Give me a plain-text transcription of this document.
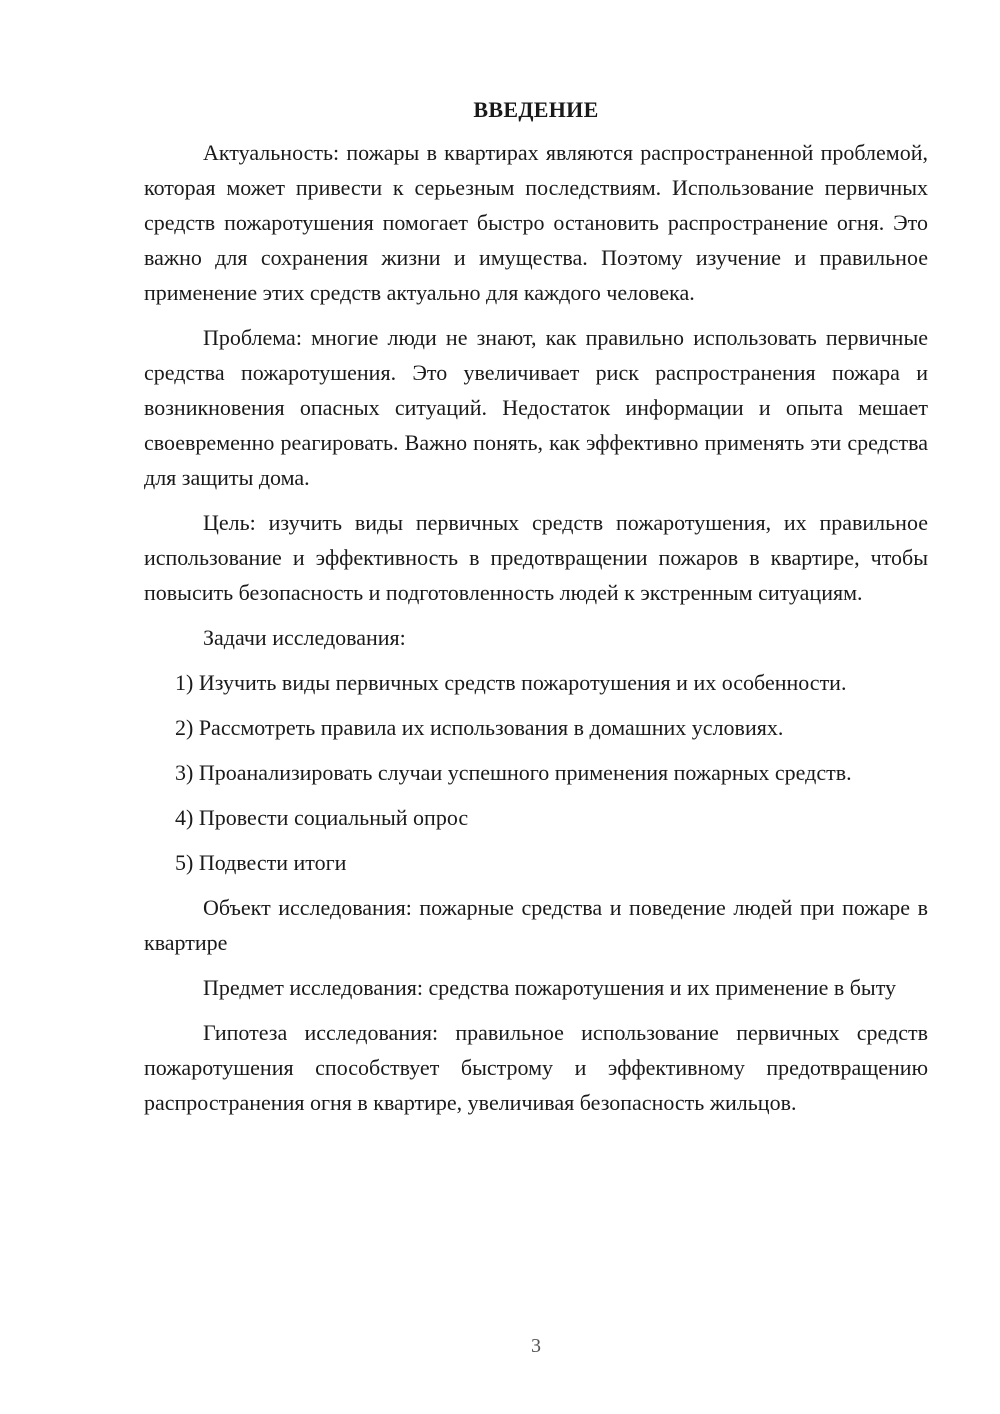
ВВЕДЕНИЕ

Актуальность: пожары в квартирах являются распространенной проблемой, которая может привести к серьезным последствиям. Использование первичных средств пожаротушения помогает быстро остановить распространение огня. Это важно для сохранения жизни и имущества. Поэтому изучение и правильное применение этих средств актуально для каждого человека.

Проблема: многие люди не знают, как правильно использовать первичные средства пожаротушения. Это увеличивает риск распространения пожара и возникновения опасных ситуаций. Недостаток информации и опыта мешает своевременно реагировать. Важно понять, как эффективно применять эти средства для защиты дома.

Цель: изучить виды первичных средств пожаротушения, их правильное использование и эффективность в предотвращении пожаров в квартире, чтобы повысить безопасность и подготовленность людей к экстренным ситуациям.

Задачи исследования:

1) Изучить виды первичных средств пожаротушения и их особенности.

2) Рассмотреть правила их использования в домашних условиях.

3) Проанализировать случаи успешного применения пожарных средств.

4) Провести социальный опрос

5) Подвести итоги

Объект исследования: пожарные средства и поведение людей при пожаре в квартире

Предмет исследования: средства пожаротушения и их применение в быту

Гипотеза исследования: правильное использование первичных средств пожаротушения способствует быстрому и эффективному предотвращению распространения огня в квартире, увеличивая безопасность жильцов.

3
